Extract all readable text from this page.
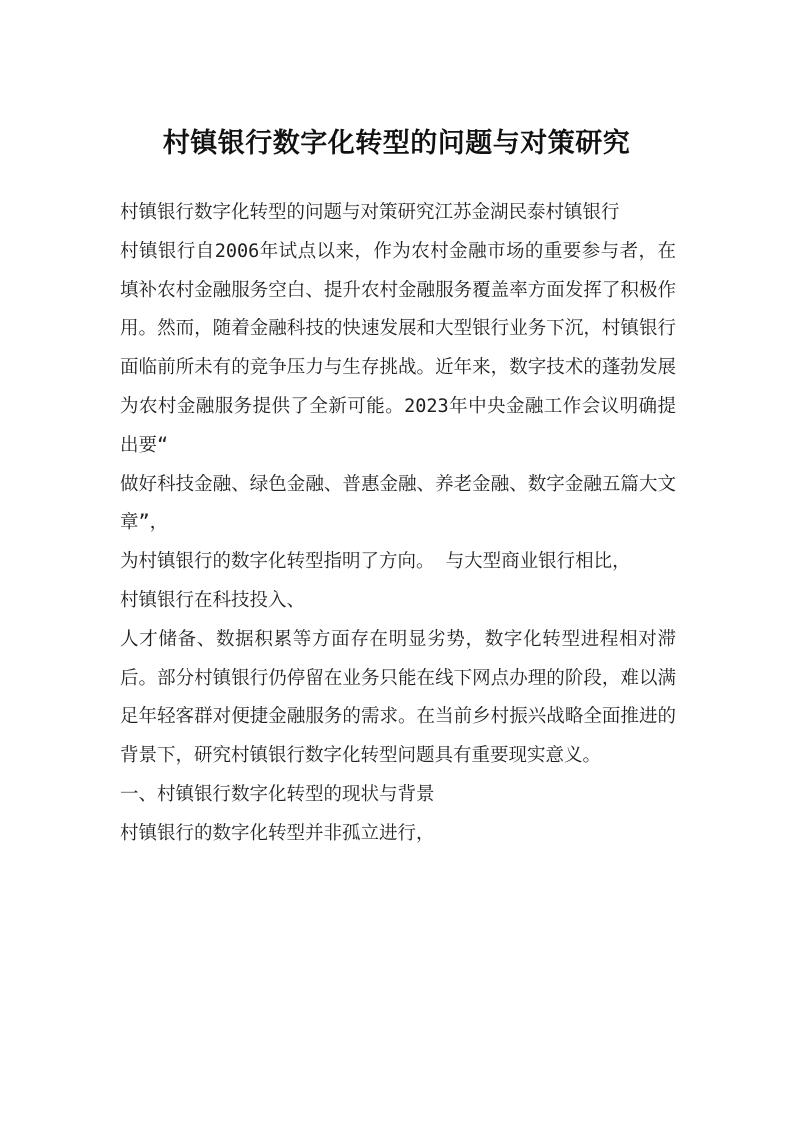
村镇银行数字化转型的问题与对策研究

村镇银行数字化转型的问题与对策研究江苏金湖民泰村镇银行

村镇银行自2006年试点以来，作为农村金融市场的重要参与者，在填补农村金融服务空白、提升农村金融服务覆盖率方面发挥了积极作用。然而，随着金融科技的快速发展和大型银行业务下沉，村镇银行面临前所未有的竞争压力与生存挑战。近年来，数字技术的蓬勃发展为农村金融服务提供了全新可能。2023年中央金融工作会议明确提出要“

做好科技金融、绿色金融、普惠金融、养老金融、数字金融五篇大文章”，

为村镇银行的数字化转型指明了方向。 与大型商业银行相比，

村镇银行在科技投入、

人才储备、数据积累等方面存在明显劣势，数字化转型进程相对滞后。部分村镇银行仍停留在业务只能在线下网点办理的阶段，难以满足年轻客群对便捷金融服务的需求。在当前乡村振兴战略全面推进的背景下，研究村镇银行数字化转型问题具有重要现实意义。

一、村镇银行数字化转型的现状与背景

村镇银行的数字化转型并非孤立进行，
